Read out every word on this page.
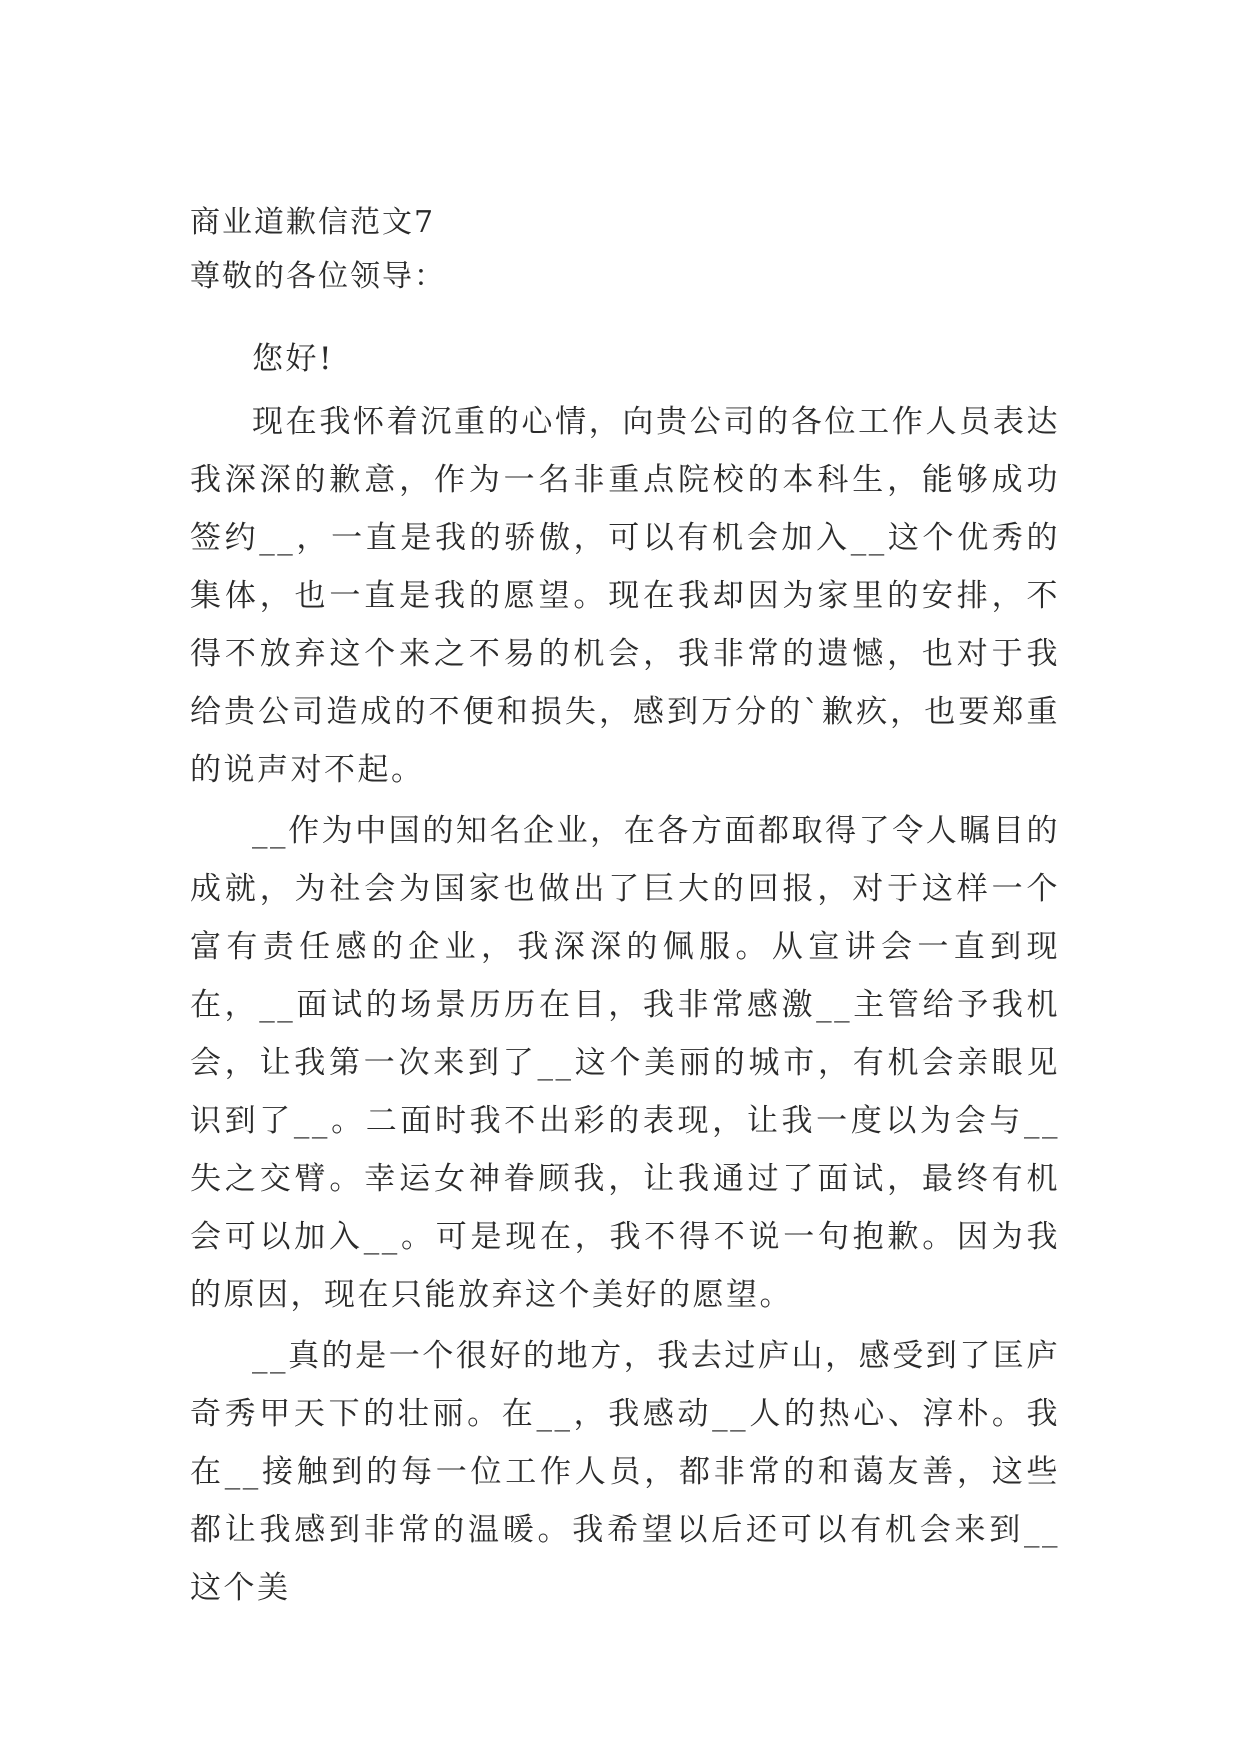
商业道歉信范文7
尊敬的各位领导：

您好!

现在我怀着沉重的心情，向贵公司的各位工作人员表达我深深的歉意，作为一名非重点院校的本科生，能够成功签约__，一直是我的骄傲，可以有机会加入__这个优秀的集体，也一直是我的愿望。现在我却因为家里的安排，不得不放弃这个来之不易的机会，我非常的遗憾，也对于我给贵公司造成的不便和损失，感到万分的`歉疚，也要郑重的说声对不起。

__作为中国的知名企业，在各方面都取得了令人瞩目的成就，为社会为国家也做出了巨大的回报，对于这样一个富有责任感的企业，我深深的佩服。从宣讲会一直到现在，__面试的场景历历在目，我非常感激__主管给予我机会，让我第一次来到了__这个美丽的城市，有机会亲眼见识到了__。二面时我不出彩的表现，让我一度以为会与__失之交臂。幸运女神眷顾我，让我通过了面试，最终有机会可以加入__。可是现在，我不得不说一句抱歉。因为我的原因，现在只能放弃这个美好的愿望。

__真的是一个很好的地方，我去过庐山，感受到了匡庐奇秀甲天下的壮丽。在__，我感动__人的热心、淳朴。我在__接触到的每一位工作人员，都非常的和蔼友善，这些都让我感到非常的温暖。我希望以后还可以有机会来到__这个美
